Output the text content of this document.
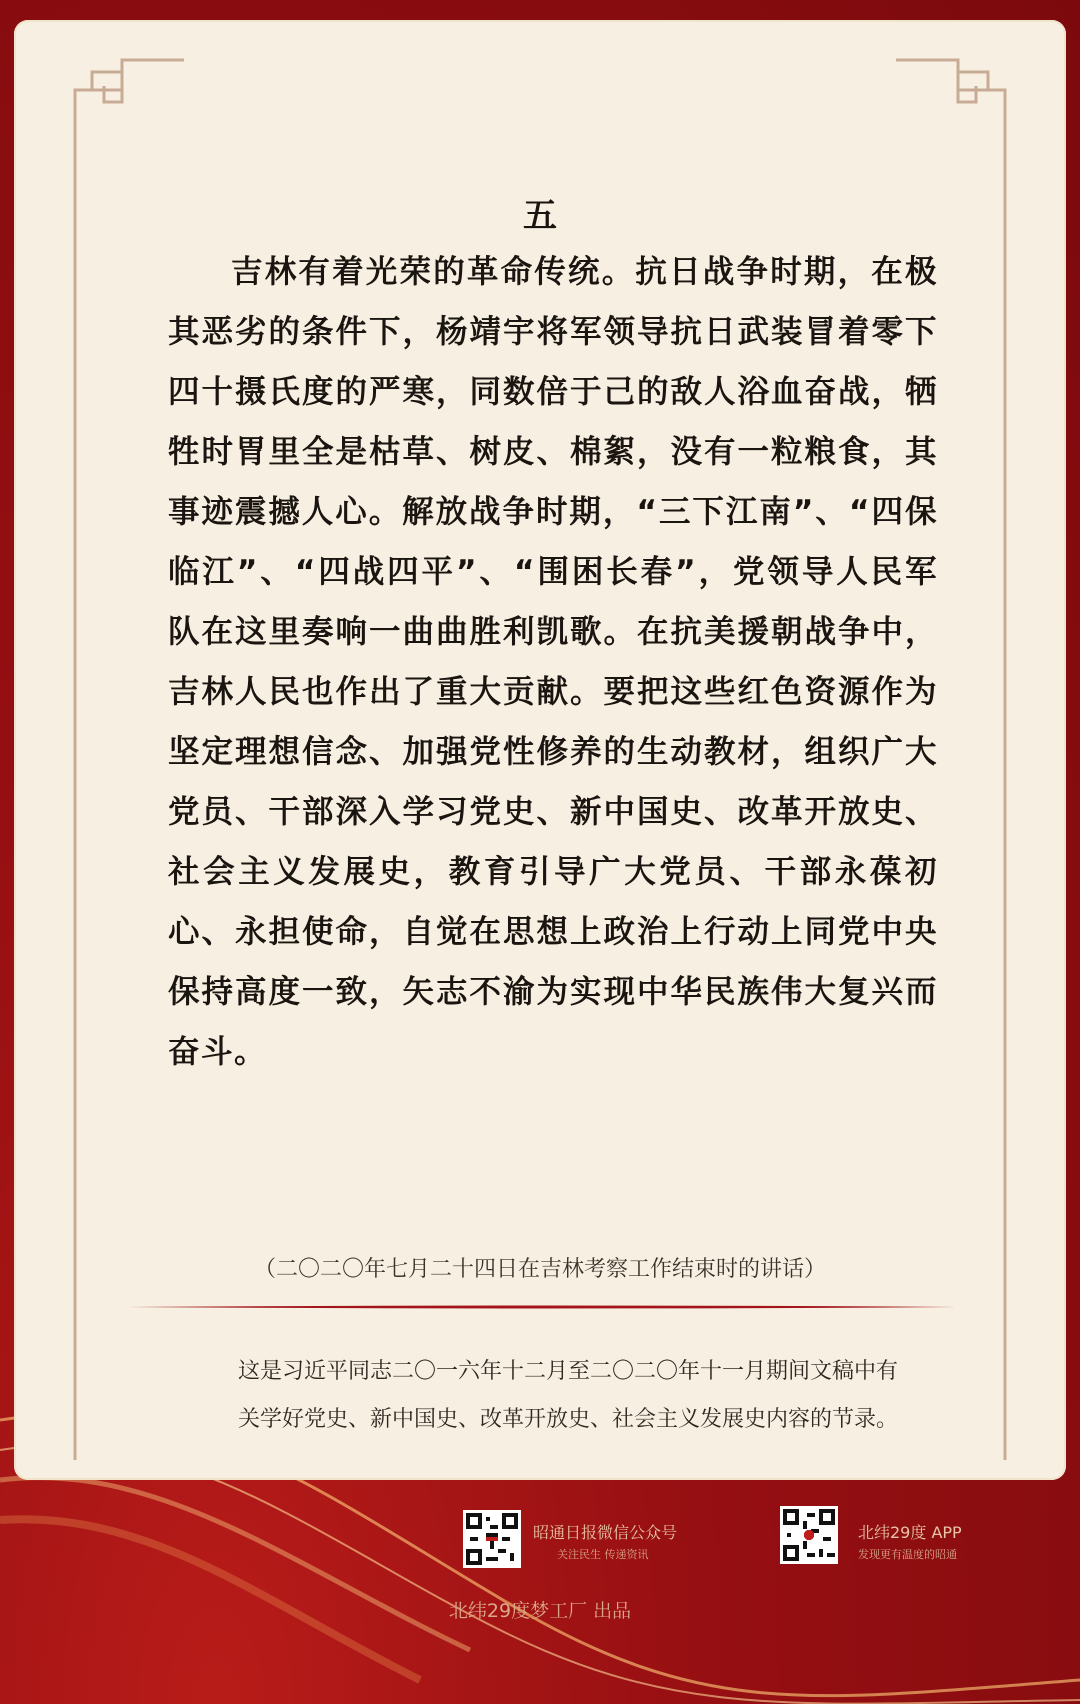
五
吉林有着光荣的革命传统。抗日战争时期，在极其恶劣的条件下，杨靖宇将军领导抗日武装冒着零下四十摄氏度的严寒，同数倍于己的敌人浴血奋战，牺牲时胃里全是枯草、树皮、棉絮，没有一粒粮食，其事迹震撼人心。解放战争时期，“三下江南”、“四保临江”、“四战四平”、“围困长春”，党领导人民军队在这里奏响一曲曲胜利凯歌。在抗美援朝战争中，吉林人民也作出了重大贡献。要把这些红色资源作为坚定理想信念、加强党性修养的生动教材，组织广大党员、干部深入学习党史、新中国史、改革开放史、社会主义发展史，教育引导广大党员、干部永葆初心、永担使命，自觉在思想上政治上行动上同党中央保持高度一致，矢志不渝为实现中华民族伟大复兴而奋斗。
（二〇二〇年七月二十四日在吉林考察工作结束时的讲话）
这是习近平同志二〇一六年十二月至二〇二〇年十一月期间文稿中有
关学好党史、新中国史、改革开放史、社会主义发展史内容的节录。
昭通日报微信公众号
关注民生 传递资讯
北纬29度 APP
发现更有温度的昭通
北纬29度梦工厂 出品
